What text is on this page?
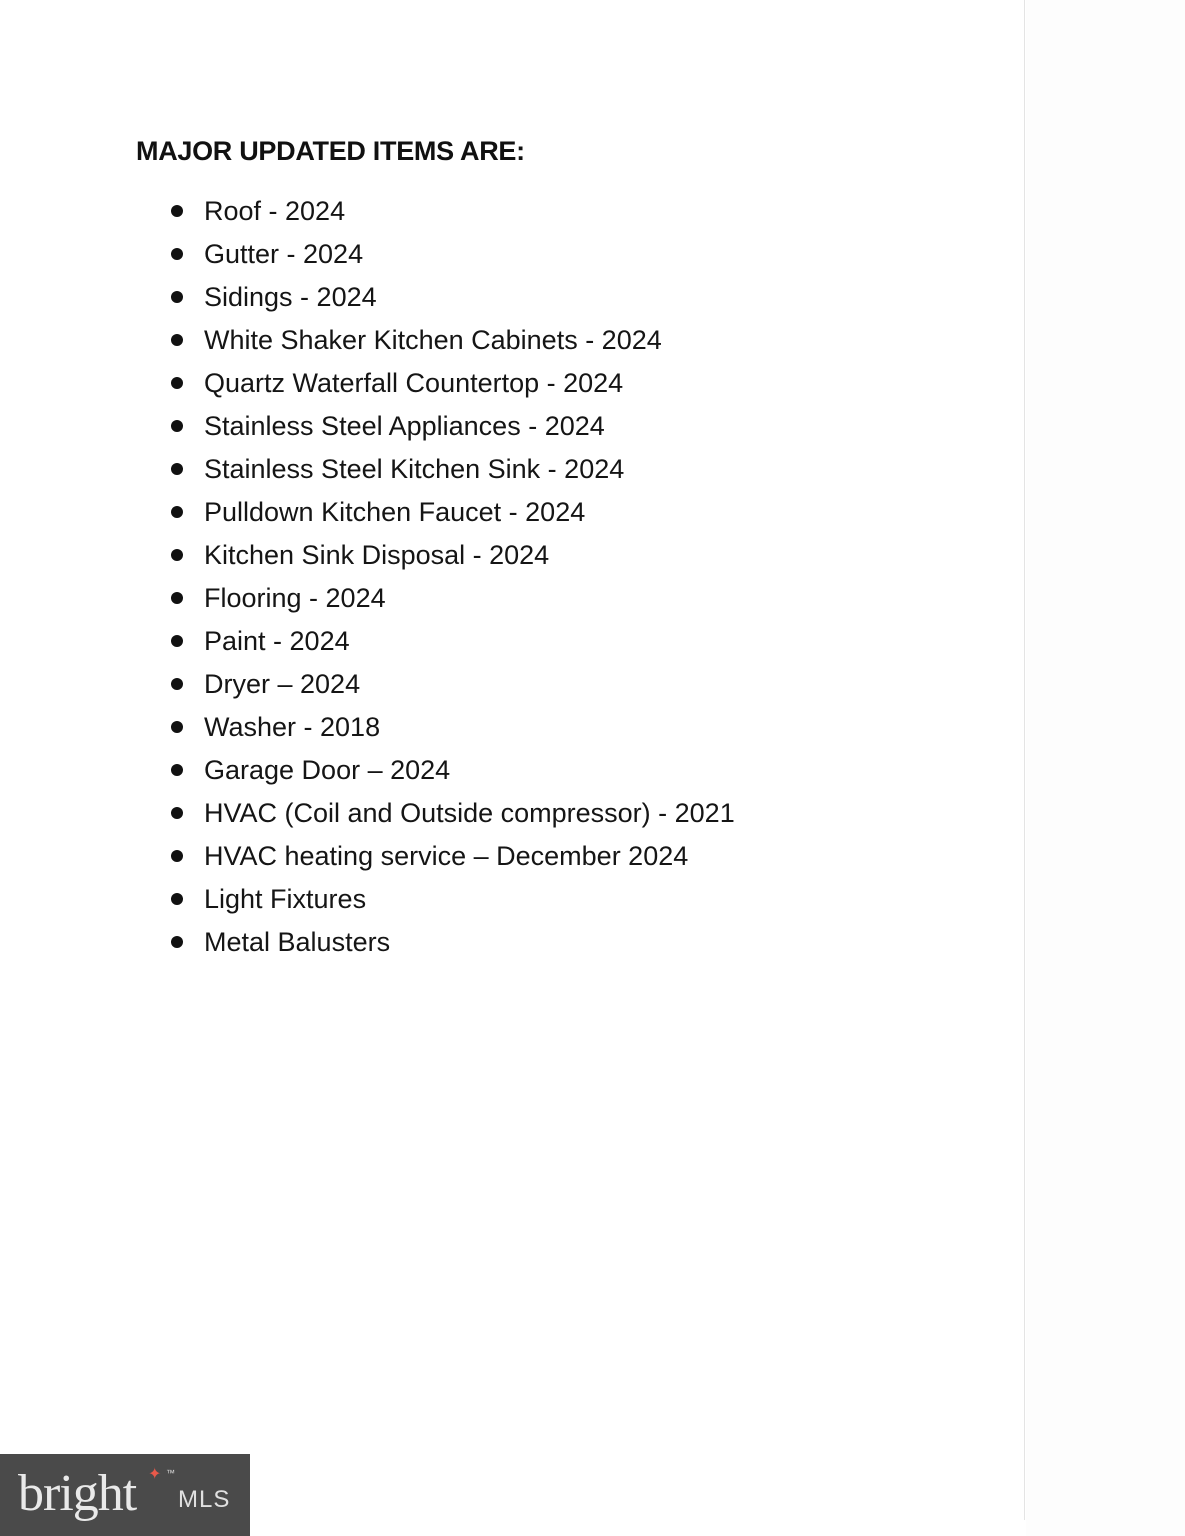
MAJOR UPDATED ITEMS ARE:
Roof - 2024
Gutter - 2024
Sidings - 2024
White Shaker Kitchen Cabinets - 2024
Quartz Waterfall Countertop - 2024
Stainless Steel Appliances - 2024
Stainless Steel Kitchen Sink - 2024
Pulldown Kitchen Faucet - 2024
Kitchen Sink Disposal - 2024
Flooring - 2024
Paint - 2024
Dryer – 2024
Washer - 2018
Garage Door – 2024
HVAC (Coil and Outside compressor) - 2021
HVAC heating service – December 2024
Light Fixtures
Metal Balusters
bright ✦ ™
MLS
